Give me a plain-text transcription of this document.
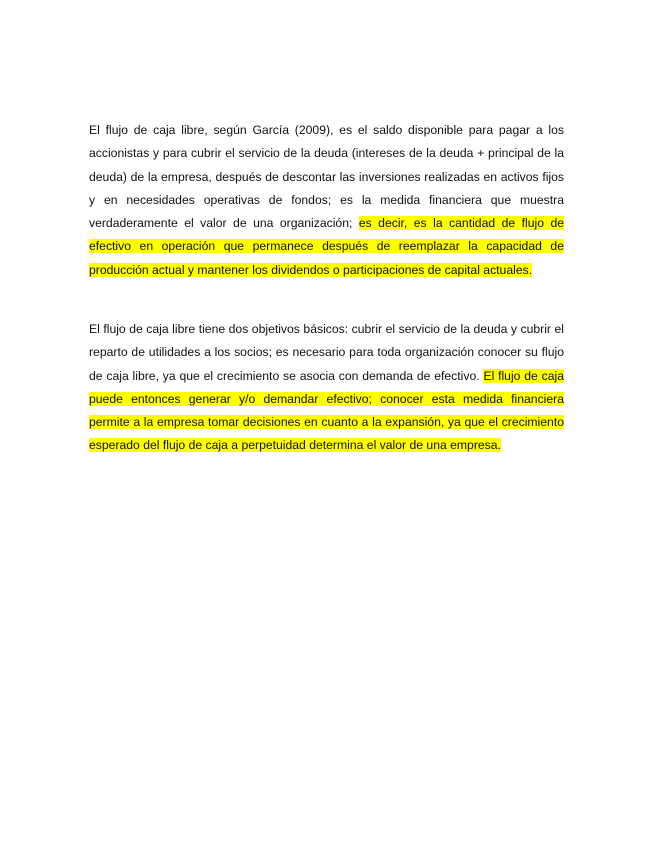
El flujo de caja libre, según García (2009), es el saldo disponible para pagar a los accionistas y para cubrir el servicio de la deuda (intereses de la deuda + principal de la deuda) de la empresa, después de descontar las inversiones realizadas en activos fijos y en necesidades operativas de fondos; es la medida financiera que muestra verdaderamente el valor de una organización; es decir, es la cantidad de flujo de efectivo en operación que permanece después de reemplazar la capacidad de producción actual y mantener los dividendos o participaciones de capital actuales.

El flujo de caja libre tiene dos objetivos básicos: cubrir el servicio de la deuda y cubrir el reparto de utilidades a los socios; es necesario para toda organización conocer su flujo de caja libre, ya que el crecimiento se asocia con demanda de efectivo. El flujo de caja puede entonces generar y/o demandar efectivo; conocer esta medida financiera permite a la empresa tomar decisiones en cuanto a la expansión, ya que el crecimiento esperado del flujo de caja a perpetuidad determina el valor de una empresa.
